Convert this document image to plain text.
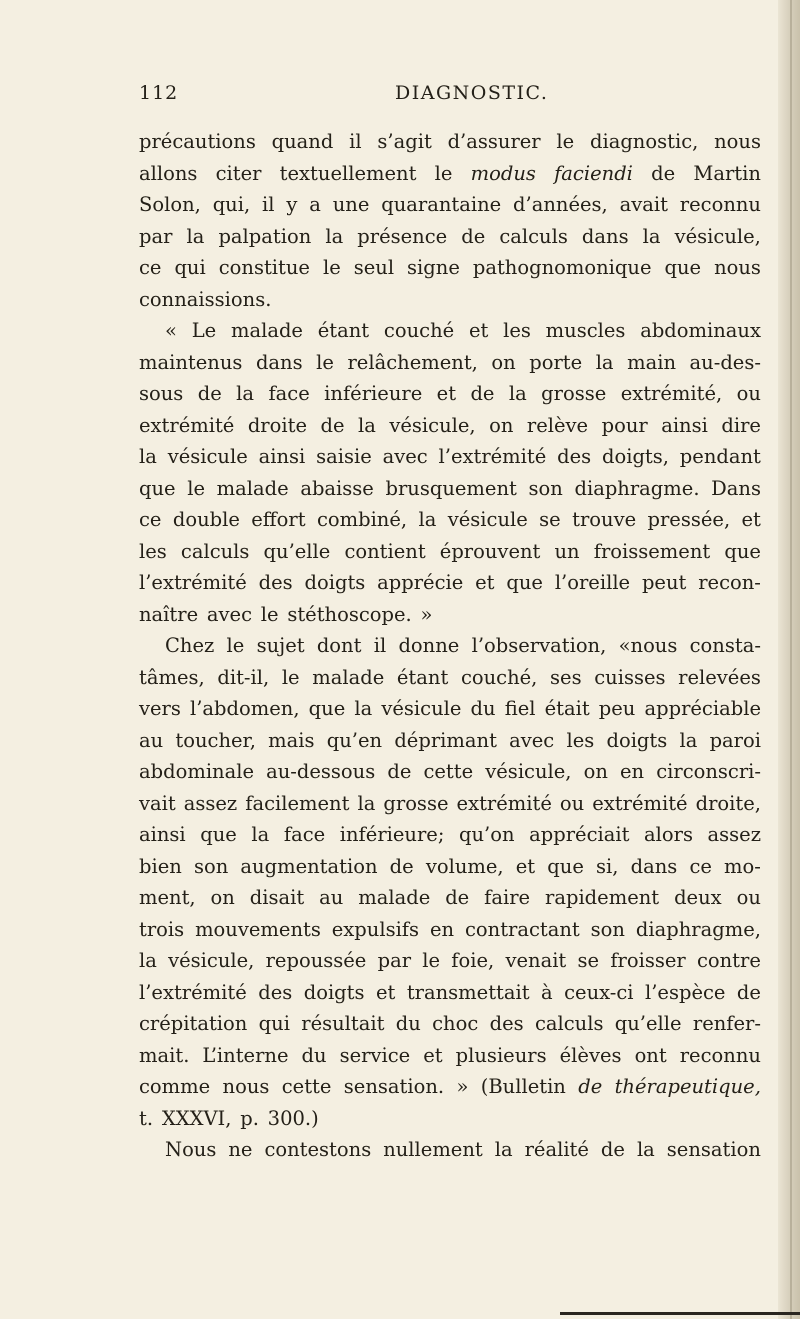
112	DIAGNOSTIC.
précautions quand il s’agit d’assurer le diagnostic, nous
allons citer textuellement le modus faciendi de Martin
Solon, qui, il y a une quarantaine d’années, avait reconnu
par la palpation la présence de calculs dans la vésicule,
ce qui constitue le seul signe pathognomonique que nous
connaissions.
« Le malade étant couché et les muscles abdominaux
maintenus dans le relâchement, on porte la main au-des-
sous de la face inférieure et de la grosse extrémité, ou
extrémité droite de la vésicule, on relève pour ainsi dire
la vésicule ainsi saisie avec l’extrémité des doigts, pendant
que le malade abaisse brusquement son diaphragme. Dans
ce double effort combiné, la vésicule se trouve pressée, et
les calculs qu’elle contient éprouvent un froissement que
l’extrémité des doigts apprécie et que l’oreille peut recon-
naître avec le stéthoscope. »
Chez le sujet dont il donne l’observation, «nous consta-
tâmes, dit-il, le malade étant couché, ses cuisses relevées
vers l’abdomen, que la vésicule du fiel était peu appréciable
au toucher, mais qu’en déprimant avec les doigts la paroi
abdominale au-dessous de cette vésicule, on en circonscri-
vait assez facilement la grosse extrémité ou extrémité droite,
ainsi que la face inférieure; qu’on appréciait alors assez
bien son augmentation de volume, et que si, dans ce mo-
ment, on disait au malade de faire rapidement deux ou
trois mouvements expulsifs en contractant son diaphragme,
la vésicule, repoussée par le foie, venait se froisser contre
l’extrémité des doigts et transmettait à ceux-ci l’espèce de
crépitation qui résultait du choc des calculs qu’elle renfer-
mait. L’interne du service et plusieurs élèves ont reconnu
comme nous cette sensation. » (Bulletin de thérapeutique,
t. XXXVI, p. 300.)
Nous ne contestons nullement la réalité de la sensation
